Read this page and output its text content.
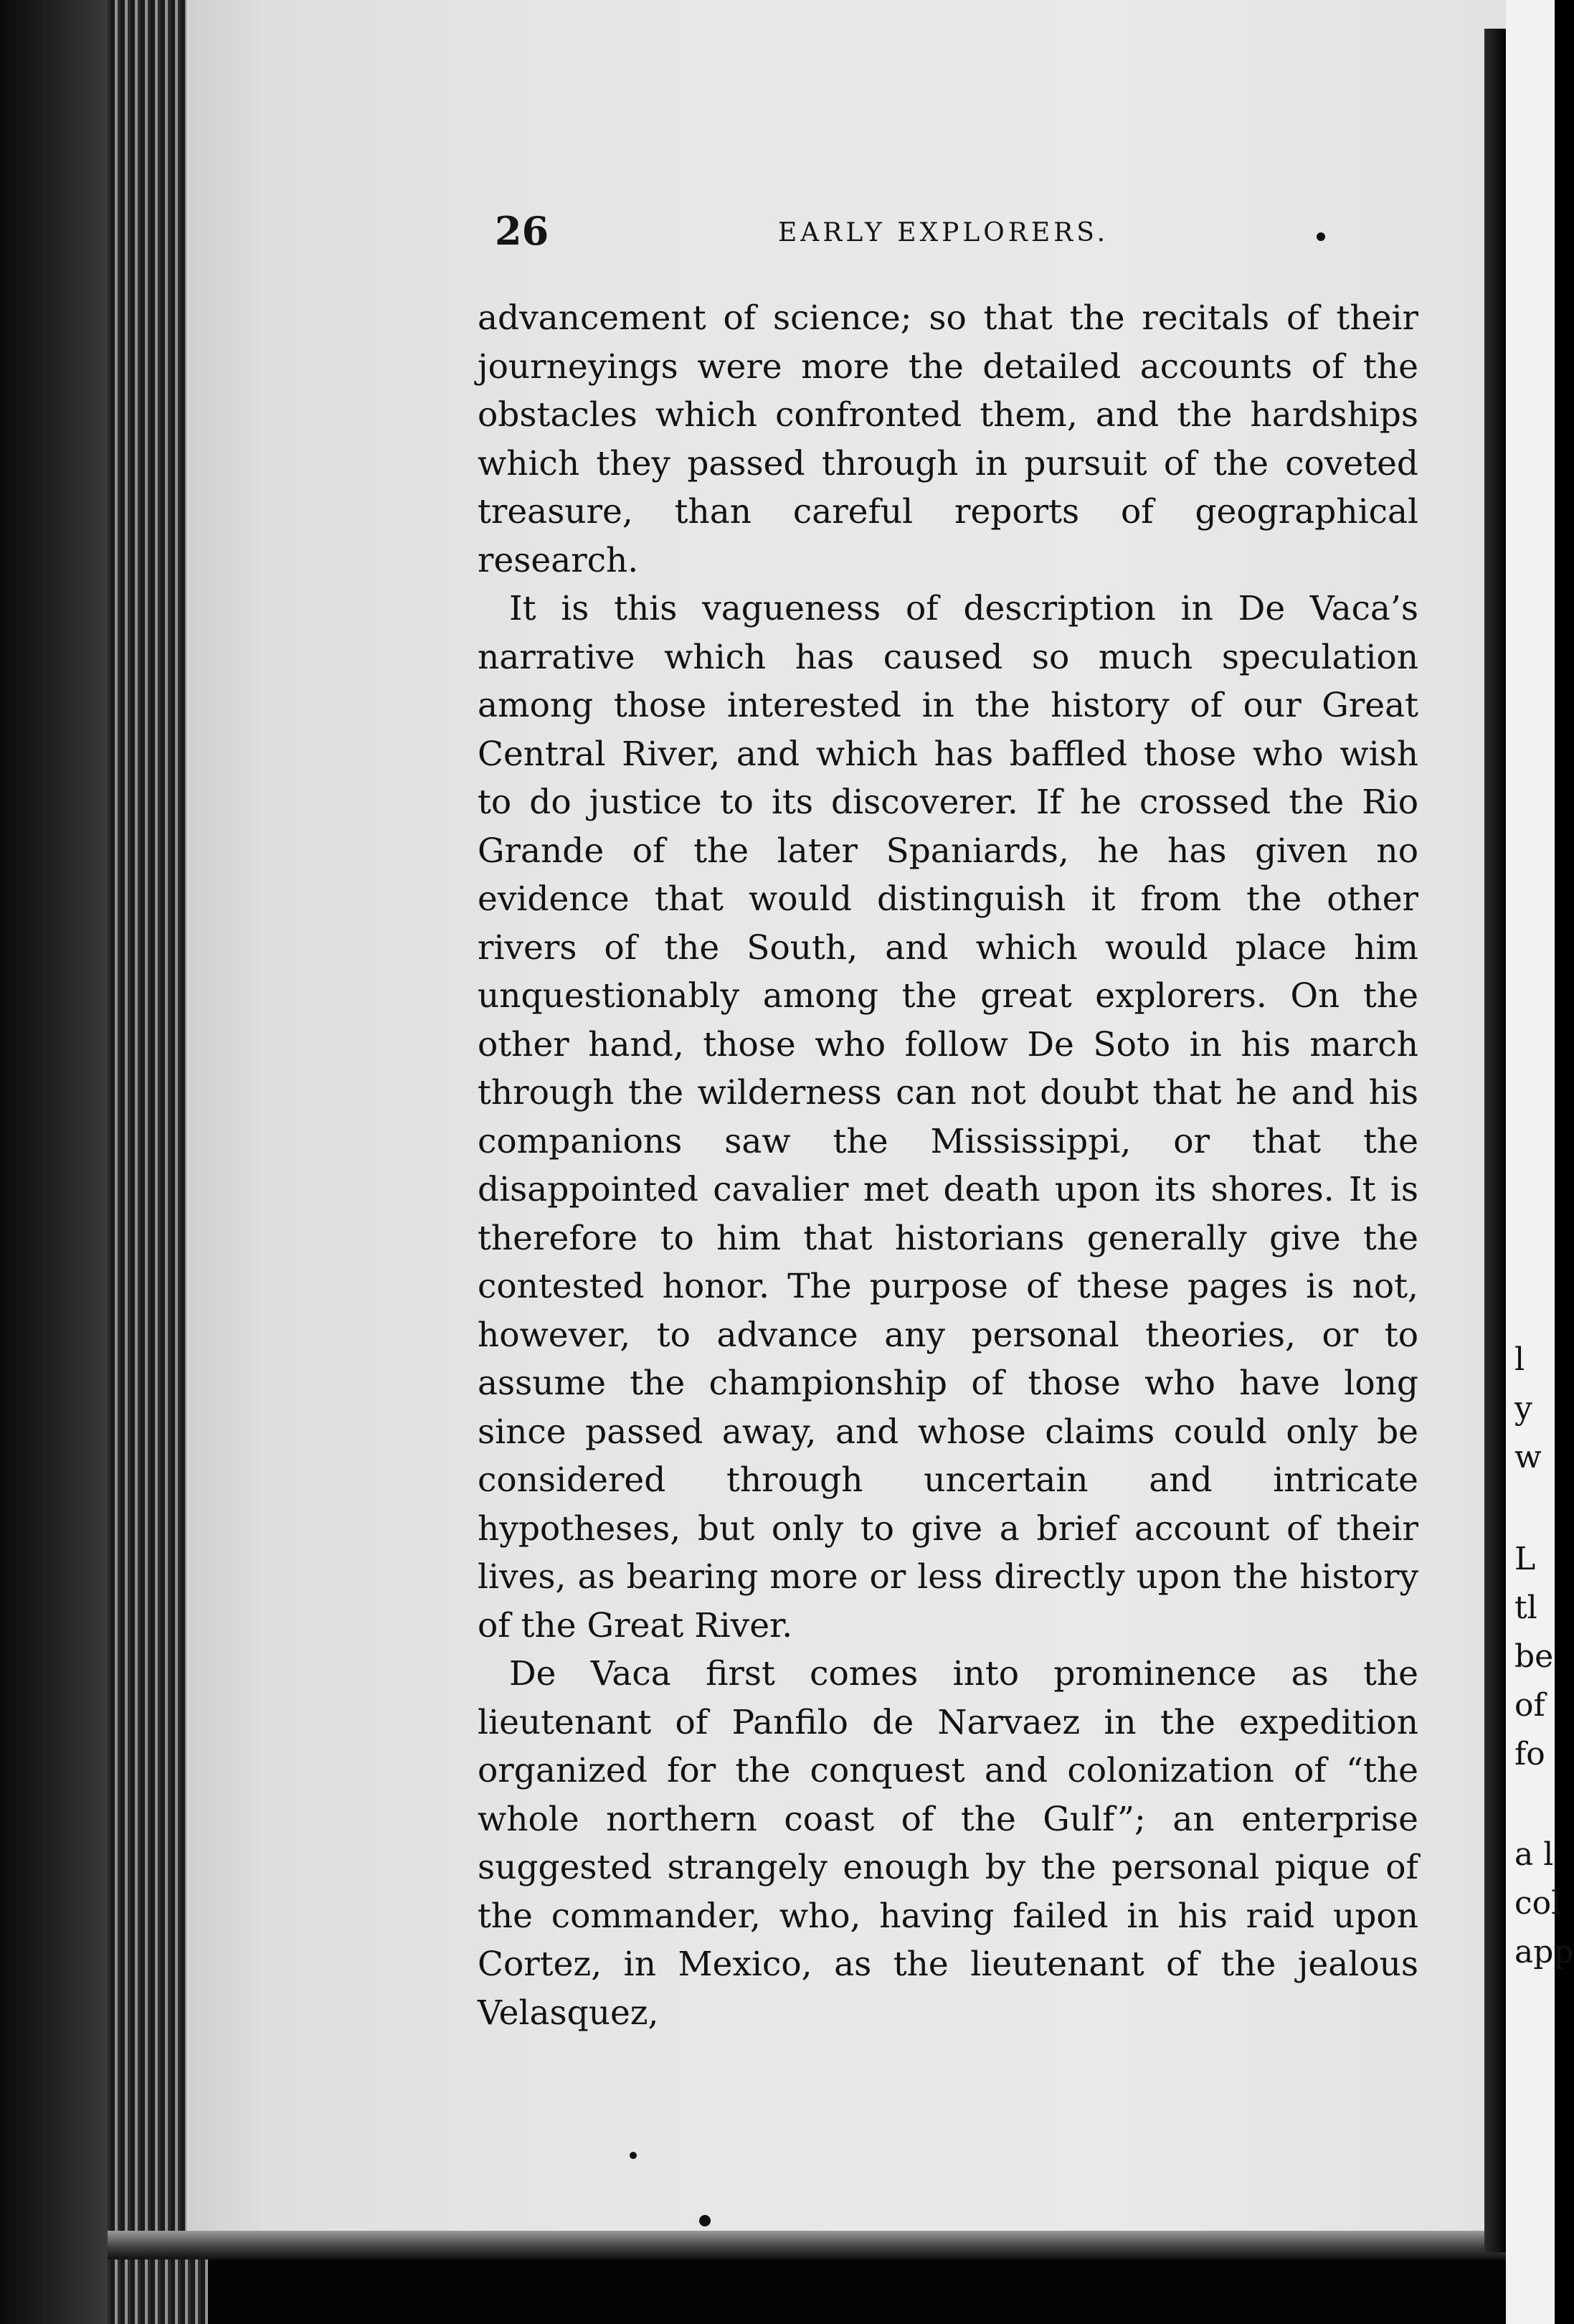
l
y
w
L
tl
be
of
fo
a l
col
app
26	EARLY EXPLORERS.

advancement of science; so that the recitals of their journeyings were more the detailed accounts of the obstacles which confronted them, and the hardships which they passed through in pursuit of the coveted treasure, than careful reports of geographical research.

It is this vagueness of description in De Vaca’s narrative which has caused so much speculation among those interested in the history of our Great Central River, and which has baffled those who wish to do justice to its discoverer. If he crossed the Rio Grande of the later Spaniards, he has given no evidence that would distinguish it from the other rivers of the South, and which would place him unquestionably among the great explorers. On the other hand, those who follow De Soto in his march through the wilderness can not doubt that he and his companions saw the Mississippi, or that the disappointed cavalier met death upon its shores. It is therefore to him that historians generally give the contested honor. The purpose of these pages is not, however, to advance any personal theories, or to assume the championship of those who have long since passed away, and whose claims could only be considered through uncertain and intricate hypotheses, but only to give a brief account of their lives, as bearing more or less directly upon the history of the Great River.

De Vaca first comes into prominence as the lieutenant of Panfilo de Narvaez in the expedition organized for the conquest and colonization of “the whole northern coast of the Gulf”; an enterprise suggested strangely enough by the personal pique of the commander, who, having failed in his raid upon Cortez, in Mexico, as the lieutenant of the jealous Velasquez,
